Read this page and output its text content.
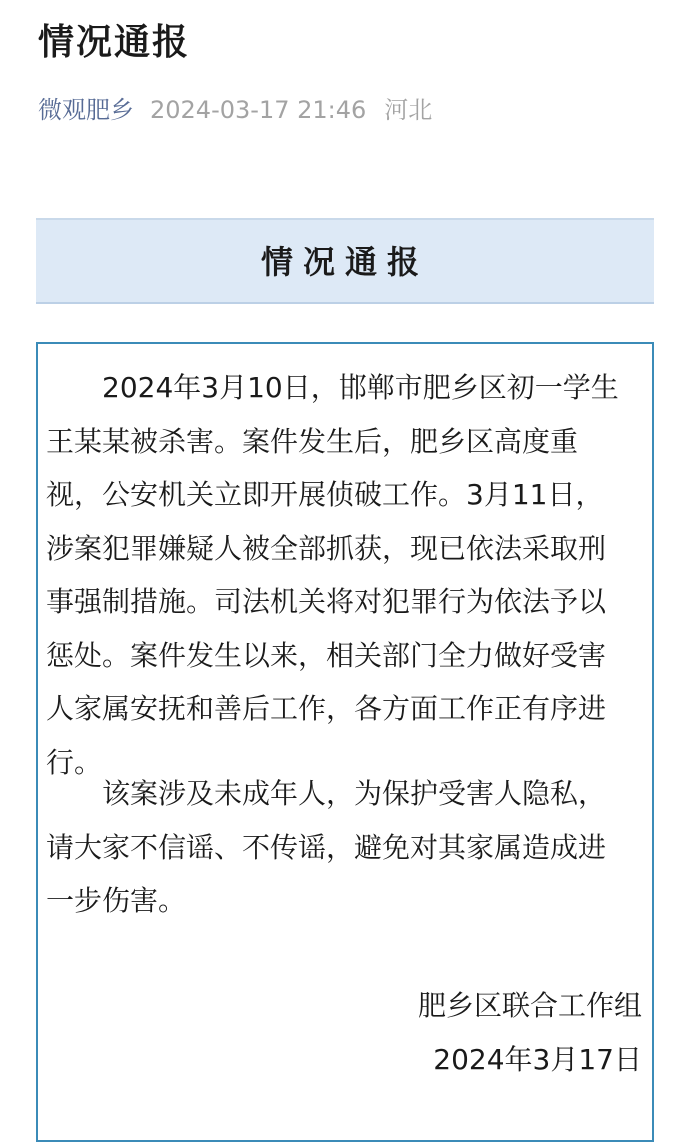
情况通报
微观肥乡 2024-03-17 21:46 河北
情况通报
2024年3月10日，邯郸市肥乡区初一学生
王某某被杀害。案件发生后，肥乡区高度重
视，公安机关立即开展侦破工作。3月11日，
涉案犯罪嫌疑人被全部抓获，现已依法采取刑
事强制措施。司法机关将对犯罪行为依法予以
惩处。案件发生以来，相关部门全力做好受害
人家属安抚和善后工作，各方面工作正有序进
行。
该案涉及未成年人，为保护受害人隐私，
请大家不信谣、不传谣，避免对其家属造成进
一步伤害。
肥乡区联合工作组
2024年3月17日
